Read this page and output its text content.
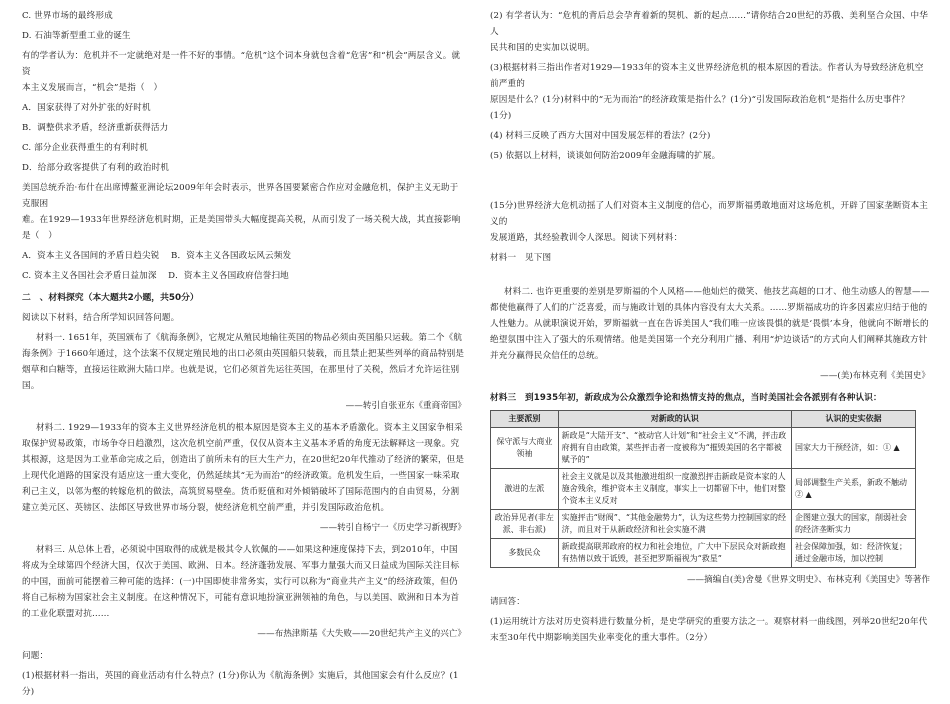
C. 世界市场的最终形成

D. 石油等新型重工业的诞生

有的学者认为：危机并不一定就绝对是一件不好的事情。“危机”这个词本身就包含着“危害”和“机会”两层含义。就资
本主义发展而言，“机会”是指（　）

A．国家获得了对外扩张的好时机

B．调整供求矛盾，经济重新获得活力

C. 部分企业获得重生的有利时机

D．给部分政客提供了有利的政治时机

美国总统乔治·布什在出席博鳌亚洲论坛2009年年会时表示，世界各国要紧密合作应对金融危机，保护主义无助于克服困
难。在1929—1933年世界经济危机时期，正是美国带头大幅度提高关税，从而引发了一场关税大战，其直接影响
是（　）

A．资本主义各国间的矛盾日趋尖锐 B．资本主义各国政坛风云频发

C. 资本主义各国社会矛盾日益加深 D．资本主义各国政府信誉扫地

二　、材料探究（本大题共2小题，共50分）

阅读以下材料，结合所学知识回答问题。

材料一. 1651年，英国颁布了《航海条例》，它规定从殖民地输往英国的物品必须由英国船只运载。第二个《航海条例》于1660年通过，这个法案不仅规定殖民地的出口必须由英国船只装载，而且禁止把某些列举的商品特别是烟草和白糖等，直接运往欧洲大陆口岸。也就是说，它们必须首先运往英国，在那里付了关税，然后才允许运往别国。

——转引自张亚东《重商帝国》

材料二. 1929—1933年的资本主义世界经济危机的根本原因是资本主义的基本矛盾激化。资本主义国家争相采取保护贸易政策，市场争夺日趋激烈，这次危机空前严重，仅仅从资本主义基本矛盾的角度无法解释这一现象。究其根源，这是因为工业革命完成之后，创造出了前所未有的巨大生产力，在20世纪20年代推动了经济的繁荣，但是上现代化道路的国家没有适应这一重大变化，仍然延续其“无为而治”的经济政策。危机发生后，一些国家一味采取利己主义，以邻为壑的转嫁危机的做法，高筑贸易壁垒。货币贬值和对外倾销破坏了国际范围内的自由贸易，分割建立美元区、英镑区、法郎区导致世界市场分裂，使经济危机空前严重，并引发国际政治危机。

——转引自杨宁一《历史学习新视野》

材料三. 从总体上看，必须说中国取得的成就是极其令人钦佩的——如果这种速度保持下去，到2010年，中国将成为全球第四个经济大国，仅次于美国、欧洲、日本。经济蓬勃发展、军事力量强大而又日益成为国际关注目标的中国，面前可能摆着三种可能的选择：(一)中国即使非常务实，实行可以称为“商业共产主义”的经济政策，但仍将自己标榜为国家社会主义制度。在这种情况下，可能有意识地扮演亚洲领袖的角色，与以美国、欧洲和日本为首的工业化联盟对抗……

——布热津斯基《大失败——20世纪共产主义的兴亡》

问题：

(1)根据材料一指出，英国的商业活动有什么特点？(1分)你认为《航海条例》实施后，其他国家会有什么反应？(1分)

(2) 有学者认为：“危机的背后总会孕育着新的契机、新的起点……”请你结合20世纪的苏俄、美利坚合众国、中华人
民共和国的史实加以说明。

(3)根据材料三指出作者对1929—1933年的资本主义世界经济危机的根本原因的看法。作者认为导致经济危机空前严重的
原因是什么？(1分)材料中的“无为而治”的经济政策是指什么？(1分)“引发国际政治危机”是指什么历史事件？
(1分)

(4) 材料三反映了西方大国对中国发展怎样的看法？(2分)

(5) 依据以上材料，谈谈如何防治2009年金融海啸的扩展。

(15分)世界经济大危机动摇了人们对资本主义制度的信心，而罗斯福勇敢地面对这场危机，开辟了国家垄断资本主义的
发展道路，其经验教训令人深思。阅读下列材料：

材料一　见下图

材料二. 也许更重要的差别是罗斯福的个人风格——他灿烂的微笑、他技艺高超的口才、他生动感人的智慧——都使他赢得了人们的广泛喜爱，而与施政计划的具体内容没有太大关系。……罗斯福成功的许多因素应归结于他的人性魅力。从就职演说开始，罗斯福就一直在告诉美国人“我们唯一应该畏惧的就是‘畏惧’本身，他就向不断增长的绝望氛围中注入了强大的乐观情绪。他是美国第一个充分利用广播、利用“炉边谈话”的方式向人们阐释其施政方针并充分赢得民众信任的总统。

——(美)布林克利《美国史》

材料三　到1935年初，新政成为公众激烈争论和热情支持的焦点，当时美国社会各派别有各种认识：

主要派别	对新政的认识	认识的史实依据
保守派与大商业领袖	新政是“大陆开支”、“被动官人计划”和“社会主义”不满，抨击政府拥有自由政策，某些抨击者一度被称为“摧毁美国的名字都被赋予的”	国家大力干预经济，如：① ▲
激进的左派	社会主义就是以及其他激进组织一度激烈抨击新政是资本家的人施舍残余，维护资本主义制度，事实上一切都留下中，他们对整个资本主义反对	局部调整生产关系，新政不触动② ▲
政治异见者(非左派、非右派)	实施抨击“财阀”、“其他金融势力”，认为这些势力控制国家的经济，而且对于从新政经济和社会实施不满	企图建立强大的国家，削弱社会的经济垄断实力
多数民众	新政提高联邦政府的权力和社会地位，广大中下层民众对新政抱有热情以致于诋毁，甚至把罗斯福视为“救星”	社会保障加强，如：经济恢复；通过金融市场，加以控制

——摘编自(美)舍曼《世界文明史》、布林克利《美国史》等著作

请回答：

(1)运用统计方法对历史资料进行数量分析，是史学研究的重要方法之一。观察材料一曲线图，列举20世纪20年代
末至30年代中期影响美国失业率变化的重大事件。（2分）
